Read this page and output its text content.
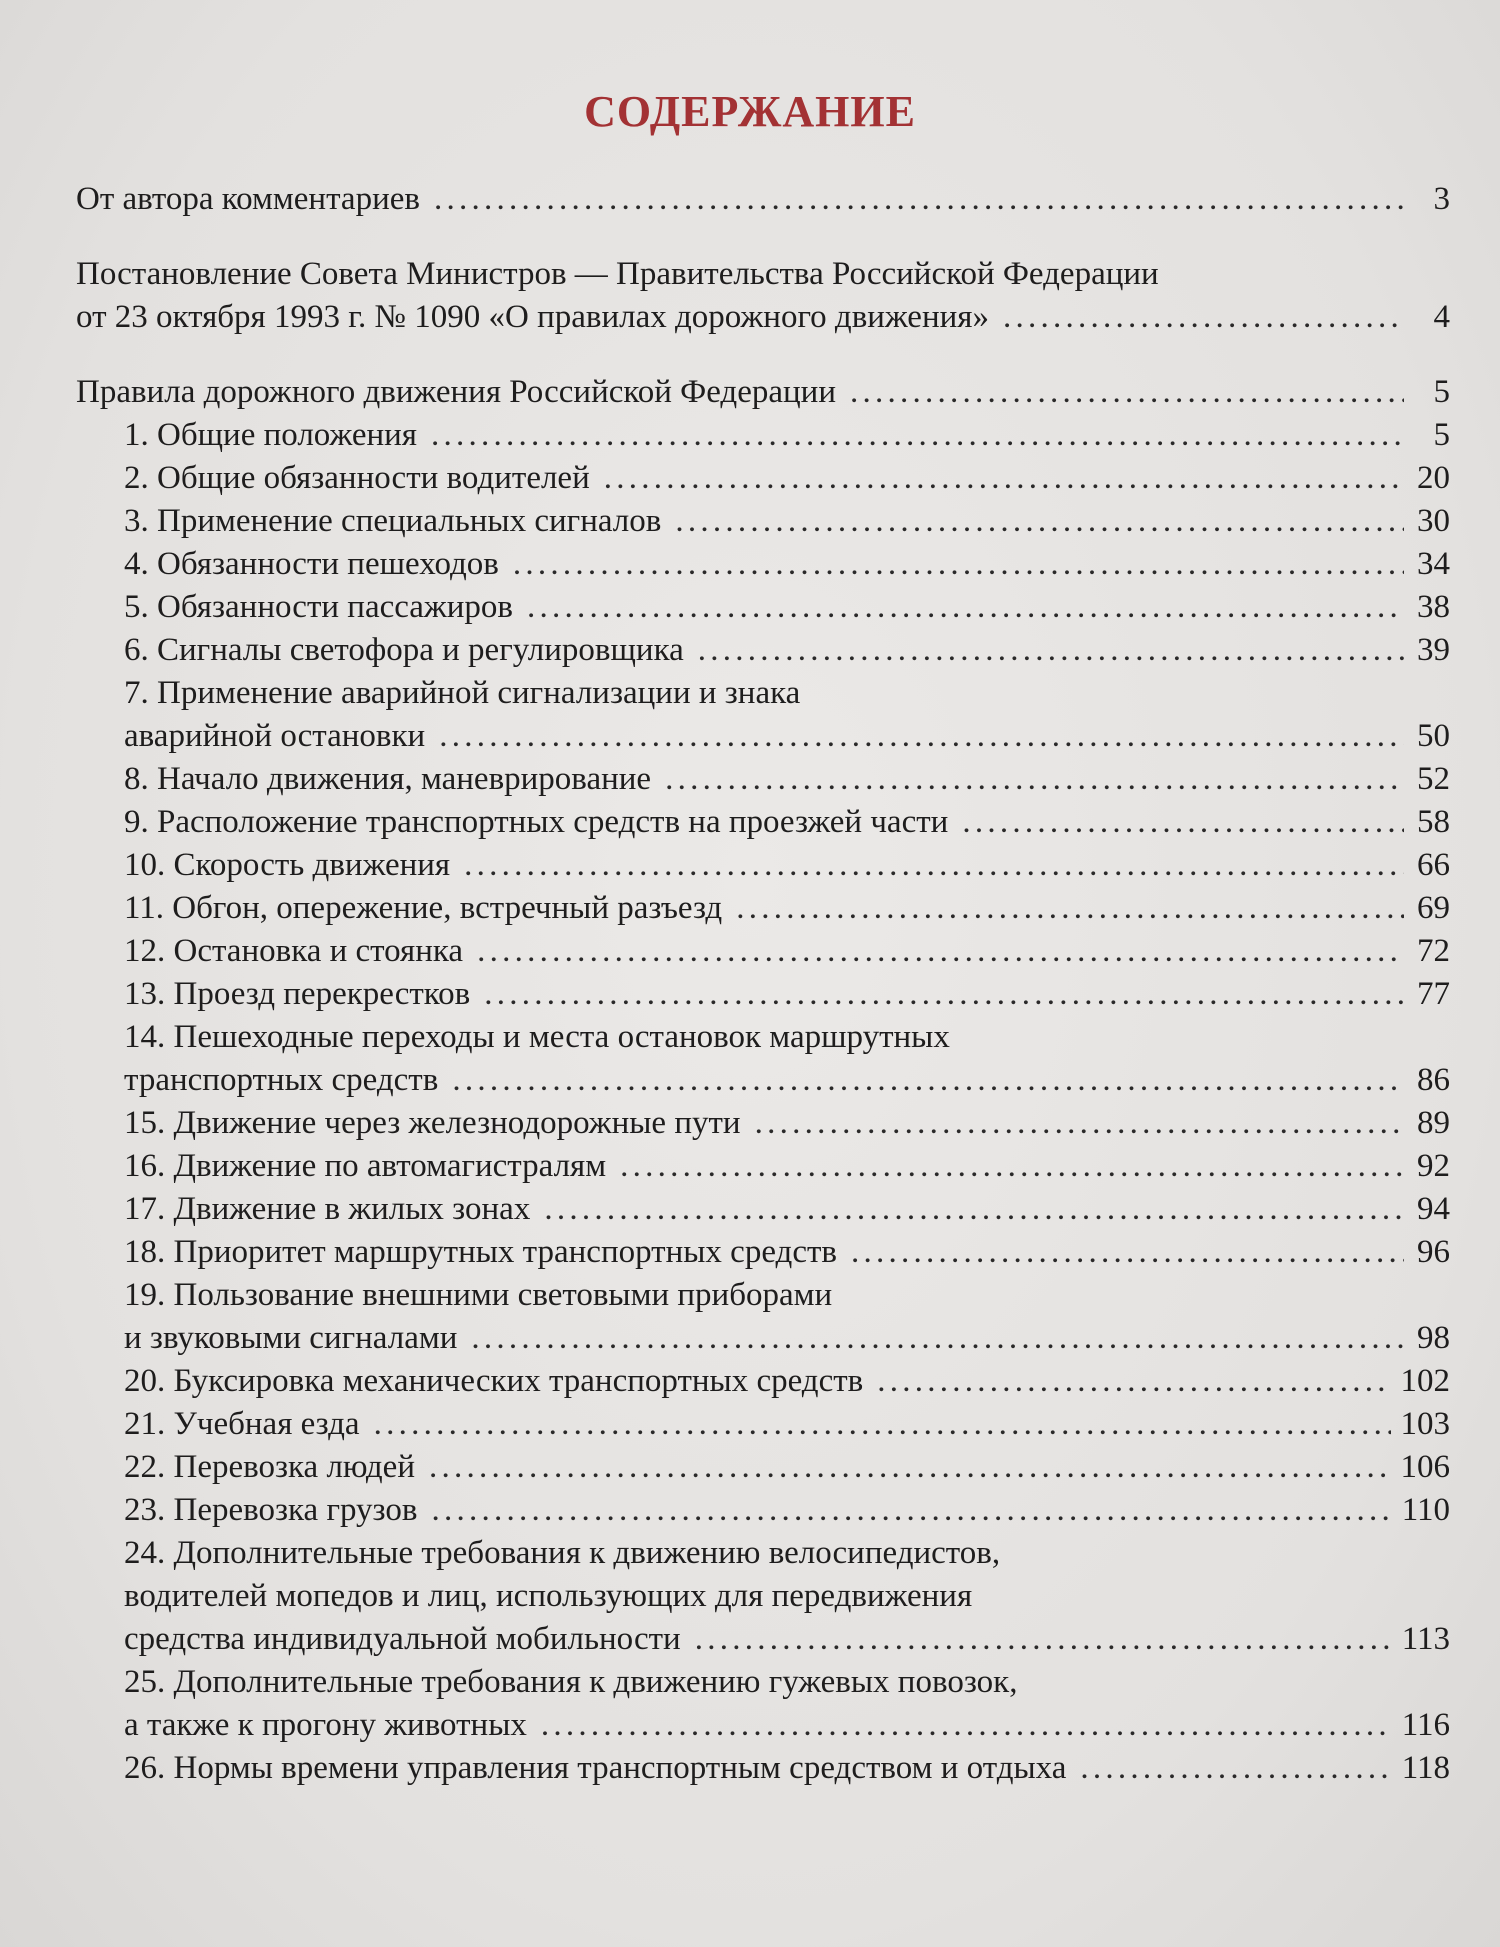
СОДЕРЖАНИЕ
От автора комментариев . . .	3
Постановление Совета Министров — Правительства Российской Федерации
от 23 октября 1993 г. № 1090 «О правилах дорожного движения» . . .	4
Правила дорожного движения Российской Федерации . . .	5
1. Общие положения . . .	5
2. Общие обязанности водителей . . .	20
3. Применение специальных сигналов . . .	30
4. Обязанности пешеходов . . .	34
5. Обязанности пассажиров . . .	38
6. Сигналы светофора и регулировщика . . .	39
7. Применение аварийной сигнализации и знака
аварийной остановки . . .	50
8. Начало движения, маневрирование . . .	52
9. Расположение транспортных средств на проезжей части . . .	58
10. Скорость движения . . .	66
11. Обгон, опережение, встречный разъезд . . .	69
12. Остановка и стоянка . . .	72
13. Проезд перекрестков . . .	77
14. Пешеходные переходы и места остановок маршрутных
транспортных средств . . .	86
15. Движение через железнодорожные пути . . .	89
16. Движение по автомагистралям . . .	92
17. Движение в жилых зонах . . .	94
18. Приоритет маршрутных транспортных средств . . .	96
19. Пользование внешними световыми приборами
и звуковыми сигналами . . .	98
20. Буксировка механических транспортных средств . . .	102
21. Учебная езда . . .	103
22. Перевозка людей . . .	106
23. Перевозка грузов . . .	110
24. Дополнительные требования к движению велосипедистов,
водителей мопедов и лиц, использующих для передвижения
средства индивидуальной мобильности . . .	113
25. Дополнительные требования к движению гужевых повозок,
а также к прогону животных . . .	116
26. Нормы времени управления транспортным средством и отдыха . . .	118
